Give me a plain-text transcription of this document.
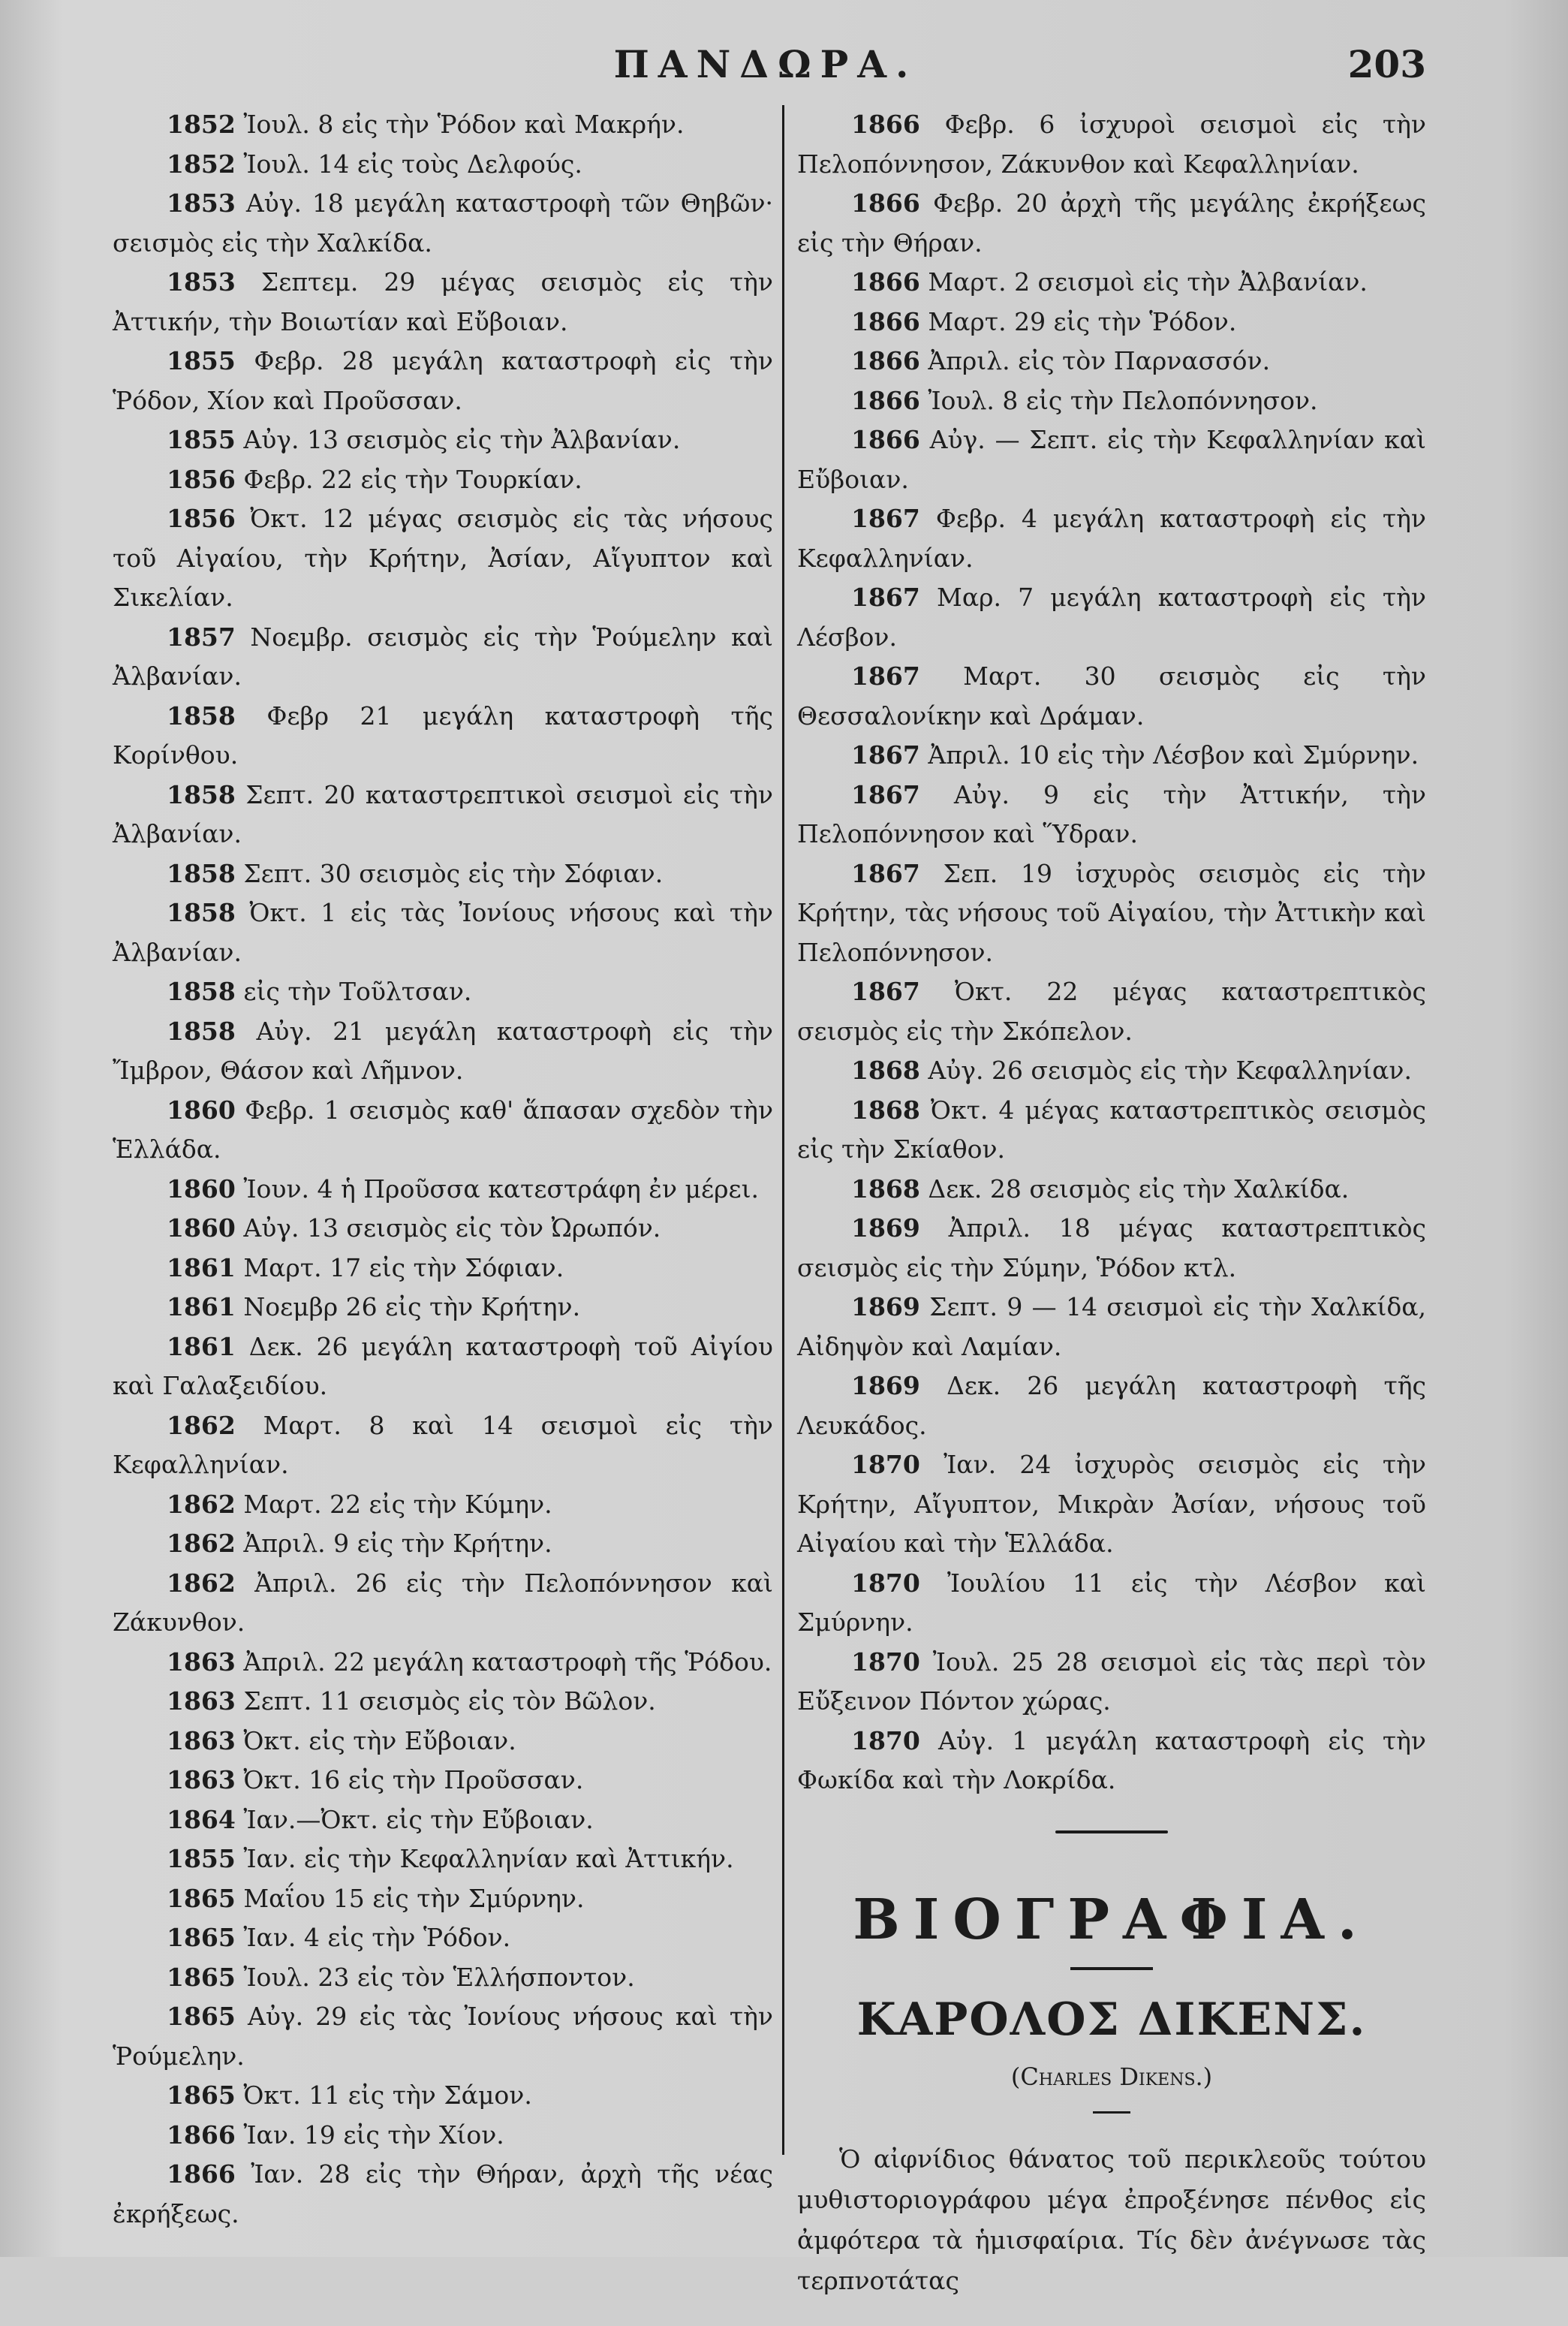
ΠΑΝΔΩΡΑ.	203

1852 Ἰουλ. 8 εἰς τὴν Ῥόδον καὶ Μακρήν.

1852 Ἰουλ. 14 εἰς τοὺς Δελφούς.

1853 Αὐγ. 18 μεγάλη καταστροφὴ τῶν Θηβῶν· σεισμὸς εἰς τὴν Χαλκίδα.

1853 Σεπτεμ. 29 μέγας σεισμὸς εἰς τὴν Ἀττικήν, τὴν Βοιωτίαν καὶ Εὔβοιαν.

1855 Φεβρ. 28 μεγάλη καταστροφὴ εἰς τὴν Ῥόδον, Χίον καὶ Προῦσσαν.

1855 Αὐγ. 13 σεισμὸς εἰς τὴν Ἀλβανίαν.

1856 Φεβρ. 22 εἰς τὴν Τουρκίαν.

1856 Ὀκτ. 12 μέγας σεισμὸς εἰς τὰς νήσους τοῦ Αἰγαίου, τὴν Κρήτην, Ἀσίαν, Αἴγυπτον καὶ Σικελίαν.

1857 Νοεμβρ. σεισμὸς εἰς τὴν Ῥούμελην καὶ Ἀλβανίαν.

1858 Φεβρ 21 μεγάλη καταστροφὴ τῆς Κορίνθου.

1858 Σεπτ. 20 καταστρεπτικοὶ σεισμοὶ εἰς τὴν Ἀλβανίαν.

1858 Σεπτ. 30 σεισμὸς εἰς τὴν Σόφιαν.

1858 Ὀκτ. 1 εἰς τὰς Ἰονίους νήσους καὶ τὴν Ἀλβανίαν.

1858 εἰς τὴν Τοῦλτσαν.

1858 Αὐγ. 21 μεγάλη καταστροφὴ εἰς τὴν Ἴμβρον, Θάσον καὶ Λῆμνον.

1860 Φεβρ. 1 σεισμὸς καθ' ἅπασαν σχεδὸν τὴν Ἑλλάδα.

1860 Ἰουν. 4 ἡ Προῦσσα κατεστράφη ἐν μέρει.

1860 Αὐγ. 13 σεισμὸς εἰς τὸν Ὠρωπόν.

1861 Μαρτ. 17 εἰς τὴν Σόφιαν.

1861 Νοεμβρ 26 εἰς τὴν Κρήτην.

1861 Δεκ. 26 μεγάλη καταστροφὴ τοῦ Αἰγίου καὶ Γαλαξειδίου.

1862 Μαρτ. 8 καὶ 14 σεισμοὶ εἰς τὴν Κεφαλληνίαν.

1862 Μαρτ. 22 εἰς τὴν Κύμην.

1862 Ἀπριλ. 9 εἰς τὴν Κρήτην.

1862 Ἀπριλ. 26 εἰς τὴν Πελοπόννησον καὶ Ζάκυνθον.

1863 Ἀπριλ. 22 μεγάλη καταστροφὴ τῆς Ῥόδου.

1863 Σεπτ. 11 σεισμὸς εἰς τὸν Βῶλον.

1863 Ὀκτ. εἰς τὴν Εὔβοιαν.

1863 Ὀκτ. 16 εἰς τὴν Προῦσσαν.

1864 Ἰαν.—Ὀκτ. εἰς τὴν Εὔβοιαν.

1855 Ἰαν. εἰς τὴν Κεφαλληνίαν καὶ Ἀττικήν.

1865 Μαΐου 15 εἰς τὴν Σμύρνην.

1865 Ἰαν. 4 εἰς τὴν Ῥόδον.

1865 Ἰουλ. 23 εἰς τὸν Ἑλλήσποντον.

1865 Αὐγ. 29 εἰς τὰς Ἰονίους νήσους καὶ τὴν Ῥούμελην.

1865 Ὀκτ. 11 εἰς τὴν Σάμον.

1866 Ἰαν. 19 εἰς τὴν Χίον.

1866 Ἰαν. 28 εἰς τὴν Θήραν, ἀρχὴ τῆς νέας ἐκρήξεως.

1866 Φεβρ. 6 ἰσχυροὶ σεισμοὶ εἰς τὴν Πελοπόννησον, Ζάκυνθον καὶ Κεφαλληνίαν.

1866 Φεβρ. 20 ἀρχὴ τῆς μεγάλης ἐκρήξεως εἰς τὴν Θήραν.

1866 Μαρτ. 2 σεισμοὶ εἰς τὴν Ἀλβανίαν.

1866 Μαρτ. 29 εἰς τὴν Ῥόδον.

1866 Ἀπριλ. εἰς τὸν Παρνασσόν.

1866 Ἰουλ. 8 εἰς τὴν Πελοπόννησον.

1866 Αὐγ. — Σεπτ. εἰς τὴν Κεφαλληνίαν καὶ Εὔβοιαν.

1867 Φεβρ. 4 μεγάλη καταστροφὴ εἰς τὴν Κεφαλληνίαν.

1867 Μαρ. 7 μεγάλη καταστροφὴ εἰς τὴν Λέσβον.

1867 Μαρτ. 30 σεισμὸς εἰς τὴν Θεσσαλονίκην καὶ Δράμαν.

1867 Ἀπριλ. 10 εἰς τὴν Λέσβον καὶ Σμύρνην.

1867 Αὐγ. 9 εἰς τὴν Ἀττικήν, τὴν Πελοπόννησον καὶ Ὕδραν.

1867 Σεπ. 19 ἰσχυρὸς σεισμὸς εἰς τὴν Κρήτην, τὰς νήσους τοῦ Αἰγαίου, τὴν Ἀττικὴν καὶ Πελοπόννησον.

1867 Ὀκτ. 22 μέγας καταστρεπτικὸς σεισμὸς εἰς τὴν Σκόπελον.

1868 Αὐγ. 26 σεισμὸς εἰς τὴν Κεφαλληνίαν.

1868 Ὀκτ. 4 μέγας καταστρεπτικὸς σεισμὸς εἰς τὴν Σκίαθον.

1868 Δεκ. 28 σεισμὸς εἰς τὴν Χαλκίδα.

1869 Ἀπριλ. 18 μέγας καταστρεπτικὸς σεισμὸς εἰς τὴν Σύμην, Ῥόδον κτλ.

1869 Σεπτ. 9 — 14 σεισμοὶ εἰς τὴν Χαλκίδα, Αἰδηψὸν καὶ Λαμίαν.

1869 Δεκ. 26 μεγάλη καταστροφὴ τῆς Λευκάδος.

1870 Ἰαν. 24 ἰσχυρὸς σεισμὸς εἰς τὴν Κρήτην, Αἴγυπτον, Μικρὰν Ἀσίαν, νήσους τοῦ Αἰγαίου καὶ τὴν Ἑλλάδα.

1870 Ἰουλίου 11 εἰς τὴν Λέσβον καὶ Σμύρνην.

1870 Ἰουλ. 25 28 σεισμοὶ εἰς τὰς περὶ τὸν Εὔξεινον Πόντον χώρας.

1870 Αὐγ. 1 μεγάλη καταστροφὴ εἰς τὴν Φωκίδα καὶ τὴν Λοκρίδα.

ΒΙΟΓΡΑΦΙΑ.
ΚΑΡΟΛΟΣ ΔΙΚΕΝΣ.
(Charles Dikens.)

Ὁ αἰφνίδιος θάνατος τοῦ περικλεοῦς τούτου μυθιστοριογράφου μέγα ἐπροξένησε πένθος εἰς ἀμφότερα τὰ ἡμισφαίρια. Τίς δὲν ἀνέγνωσε τὰς τερπνοτάτας
